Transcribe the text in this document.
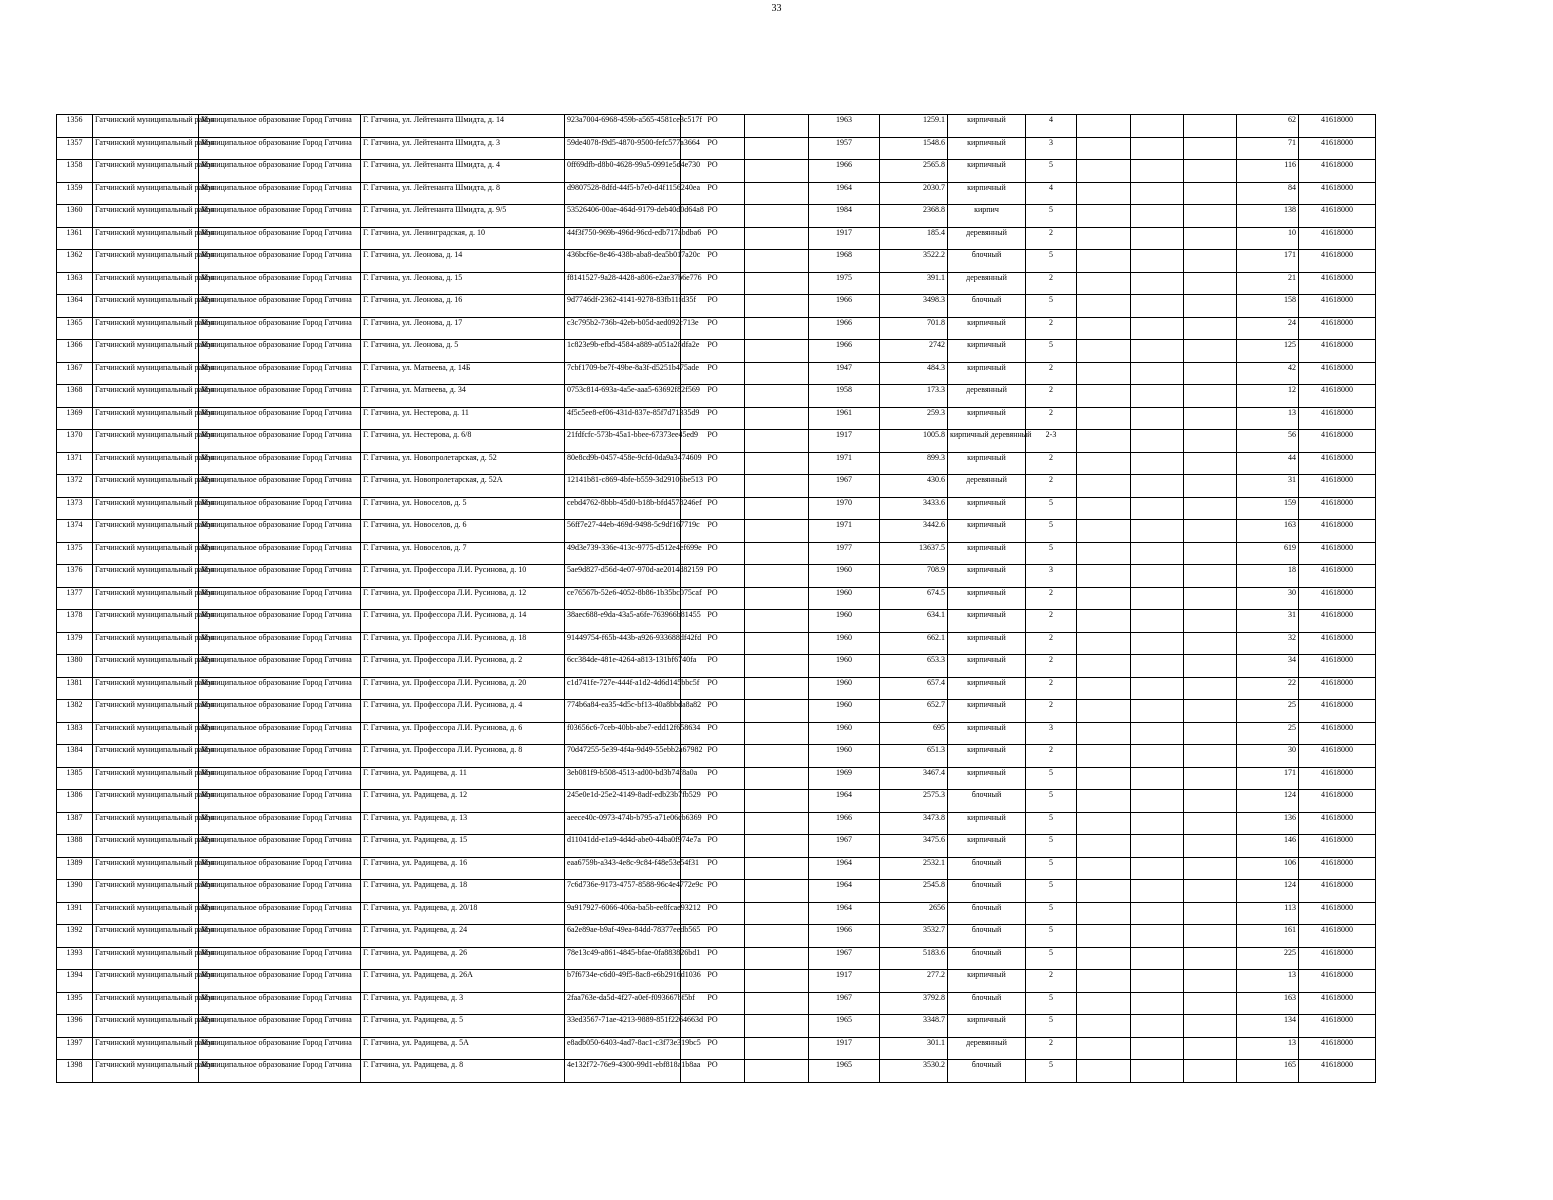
33
1356	Гатчинский муниципальный район	Муниципальное образование Город Гатчина	Г. Гатчина, ул. Лейтенанта Шмидта, д. 14	923a7004-6968-459b-a565-4581ce3c517f	РО		1963	1259.1	кирпичный	4				62	41618000
1357	Гатчинский муниципальный район	Муниципальное образование Город Гатчина	Г. Гатчина, ул. Лейтенанта Шмидта, д. 3	59de4078-f9d5-4870-9500-fefc577a3664	РО		1957	1548.6	кирпичный	3				71	41618000
1358	Гатчинский муниципальный район	Муниципальное образование Город Гатчина	Г. Гатчина, ул. Лейтенанта Шмидта, д. 4	0ff69dfb-d8b0-4628-99a5-0991e5d4e730	РО		1966	2565.8	кирпичный	5				116	41618000
1359	Гатчинский муниципальный район	Муниципальное образование Город Гатчина	Г. Гатчина, ул. Лейтенанта Шмидта, д. 8	d9807528-8dfd-44f5-b7e0-d4f1156240ea	РО		1964	2030.7	кирпичный	4				84	41618000
1360	Гатчинский муниципальный район	Муниципальное образование Город Гатчина	Г. Гатчина, ул. Лейтенанта Шмидта, д. 9/5	53526406-00ae-464d-9179-deb40d0d64a8	РО		1984	2368.8	кирпич	5				138	41618000
1361	Гатчинский муниципальный район	Муниципальное образование Город Гатчина	Г. Гатчина, ул. Ленинградская, д. 10	44f3f750-969b-496d-96cd-edb717abdba6	РО		1917	185.4	деревянный	2				10	41618000
1362	Гатчинский муниципальный район	Муниципальное образование Город Гатчина	Г. Гатчина, ул. Леонова, д. 14	436bcf6e-8e46-438b-aba8-dea5b017a20c	РО		1968	3522.2	блочный	5				171	41618000
1363	Гатчинский муниципальный район	Муниципальное образование Город Гатчина	Г. Гатчина, ул. Леонова, д. 15	f8141527-9a28-4428-a806-e2ae37b6e776	РО		1975	391.1	деревянный	2				21	41618000
1364	Гатчинский муниципальный район	Муниципальное образование Город Гатчина	Г. Гатчина, ул. Леонова, д. 16	9d7746df-2362-4141-9278-83fb11fd35f	РО		1966	3498.3	блочный	5				158	41618000
1365	Гатчинский муниципальный район	Муниципальное образование Город Гатчина	Г. Гатчина, ул. Леонова, д. 17	c3c795b2-736b-42eb-b05d-aed092c713e	РО		1966	701.8	кирпичный	2				24	41618000
1366	Гатчинский муниципальный район	Муниципальное образование Город Гатчина	Г. Гатчина, ул. Леонова, д. 5	1c823e9b-efbd-4584-a889-a051a28dfa2e	РО		1966	2742	кирпичный	5				125	41618000
1367	Гатчинский муниципальный район	Муниципальное образование Город Гатчина	Г. Гатчина, ул. Матвеева, д. 14Б	7cbf1709-be7f-49be-8a3f-d5251b475ade	РО		1947	484.3	кирпичный	2				42	41618000
1368	Гатчинский муниципальный район	Муниципальное образование Город Гатчина	Г. Гатчина, ул. Матвеева, д. 34	0753c814-693a-4a5e-aaa5-63692f82f569	РО		1958	173.3	деревянный	2				12	41618000
1369	Гатчинский муниципальный район	Муниципальное образование Город Гатчина	Г. Гатчина, ул. Нестерова, д. 11	4f5c5ee8-ef06-431d-837e-85f7d71335d9	РО		1961	259.3	кирпичный	2				13	41618000
1370	Гатчинский муниципальный район	Муниципальное образование Город Гатчина	Г. Гатчина, ул. Нестерова, д. 6/8	21fdfcfc-573b-45a1-bbee-67373ee45ed9	РО		1917	1005.8	кирпичный деревянный	2-3				56	41618000
1371	Гатчинский муниципальный район	Муниципальное образование Город Гатчина	Г. Гатчина, ул. Новопролетарская, д. 52	80e8cd9b-0457-458e-9cfd-0da9a3474609	РО		1971	899.3	кирпичный	2				44	41618000
1372	Гатчинский муниципальный район	Муниципальное образование Город Гатчина	Г. Гатчина, ул. Новопролетарская, д. 52А	12141b81-c869-4bfe-b559-3d29106be513	РО		1967	430.6	деревянный	2				31	41618000
1373	Гатчинский муниципальный район	Муниципальное образование Город Гатчина	Г. Гатчина, ул. Новоселов, д. 5	cebd4762-8bbb-45d0-b18b-bfd4578246ef	РО		1970	3433.6	кирпичный	5				159	41618000
1374	Гатчинский муниципальный район	Муниципальное образование Город Гатчина	Г. Гатчина, ул. Новоселов, д. 6	56ff7e27-44eb-469d-9498-5c9df167719c	РО		1971	3442.6	кирпичный	5				163	41618000
1375	Гатчинский муниципальный район	Муниципальное образование Город Гатчина	Г. Гатчина, ул. Новоселов, д. 7	49d3e739-336e-413c-9775-d512e4ef699e	РО		1977	13637.5	кирпичный	5				619	41618000
1376	Гатчинский муниципальный район	Муниципальное образование Город Гатчина	Г. Гатчина, ул. Профессора Л.И. Русинова, д. 10	5ae9d827-d56d-4e07-970d-ae2014d82159	РО		1960	708.9	кирпичный	3				18	41618000
1377	Гатчинский муниципальный район	Муниципальное образование Город Гатчина	Г. Гатчина, ул. Профессора Л.И. Русинова, д. 12	ce76567b-52e6-4052-8b86-1b35bc075caf	РО		1960	674.5	кирпичный	2				30	41618000
1378	Гатчинский муниципальный район	Муниципальное образование Город Гатчина	Г. Гатчина, ул. Профессора Л.И. Русинова, д. 14	38aec688-e9da-43a5-a6fe-763966b81455	РО		1960	634.1	кирпичный	2				31	41618000
1379	Гатчинский муниципальный район	Муниципальное образование Город Гатчина	Г. Гатчина, ул. Профессора Л.И. Русинова, д. 18	91449754-f65b-443b-a926-933688df42fd	РО		1960	662.1	кирпичный	2				32	41618000
1380	Гатчинский муниципальный район	Муниципальное образование Город Гатчина	Г. Гатчина, ул. Профессора Л.И. Русинова, д. 2	6cc384de-481e-4264-a813-131bf6740fa	РО		1960	653.3	кирпичный	2				34	41618000
1381	Гатчинский муниципальный район	Муниципальное образование Город Гатчина	Г. Гатчина, ул. Профессора Л.И. Русинова, д. 20	c1d741fe-727e-444f-a1d2-4d6d145bbc5f	РО		1960	657.4	кирпичный	2				22	41618000
1382	Гатчинский муниципальный район	Муниципальное образование Город Гатчина	Г. Гатчина, ул. Профессора Л.И. Русинова, д. 4	774b6a84-ea35-4d5c-bf13-40a8bbda8a82	РО		1960	652.7	кирпичный	2				25	41618000
1383	Гатчинский муниципальный район	Муниципальное образование Город Гатчина	Г. Гатчина, ул. Профессора Л.И. Русинова, д. 6	f03656c6-7ceb-40bb-abe7-edd12f658634	РО		1960	695	кирпичный	3				25	41618000
1384	Гатчинский муниципальный район	Муниципальное образование Город Гатчина	Г. Гатчина, ул. Профессора Л.И. Русинова, д. 8	70d47255-5e39-4f4a-9d49-55ebb2a67982	РО		1960	651.3	кирпичный	2				30	41618000
1385	Гатчинский муниципальный район	Муниципальное образование Город Гатчина	Г. Гатчина, ул. Радищева, д. 11	3eb081f9-b508-4513-ad00-bd3b74f8a0a	РО		1969	3467.4	кирпичный	5				171	41618000
1386	Гатчинский муниципальный район	Муниципальное образование Город Гатчина	Г. Гатчина, ул. Радищева, д. 12	245e0e1d-25e2-4149-8adf-edb23b7fb529	РО		1964	2575.3	блочный	5				124	41618000
1387	Гатчинский муниципальный район	Муниципальное образование Город Гатчина	Г. Гатчина, ул. Радищева, д. 13	aeece40c-0973-474b-b795-a71e06cb6369	РО		1966	3473.8	кирпичный	5				136	41618000
1388	Гатчинский муниципальный район	Муниципальное образование Город Гатчина	Г. Гатчина, ул. Радищева, д. 15	d11041dd-e1a9-4d4d-abe0-44ba0f974e7a	РО		1967	3475.6	кирпичный	5				146	41618000
1389	Гатчинский муниципальный район	Муниципальное образование Город Гатчина	Г. Гатчина, ул. Радищева, д. 16	eaa6759b-a343-4e8c-9c84-f48e53e54f31	РО		1964	2532.1	блочный	5				106	41618000
1390	Гатчинский муниципальный район	Муниципальное образование Город Гатчина	Г. Гатчина, ул. Радищева, д. 18	7c6d736e-9173-4757-8588-96c4e4772e9c	РО		1964	2545.8	блочный	5				124	41618000
1391	Гатчинский муниципальный район	Муниципальное образование Город Гатчина	Г. Гатчина, ул. Радищева, д. 20/18	9a917927-6066-406a-ba5b-ee8fcae93212	РО		1964	2656	блочный	5				113	41618000
1392	Гатчинский муниципальный район	Муниципальное образование Город Гатчина	Г. Гатчина, ул. Радищева, д. 24	6a2e89ae-b9af-49ea-84dd-78377eedb565	РО		1966	3532.7	блочный	5				161	41618000
1393	Гатчинский муниципальный район	Муниципальное образование Город Гатчина	Г. Гатчина, ул. Радищева, д. 26	78e13c49-a861-4845-bfae-0fa883826bd1	РО		1967	5183.6	блочный	5				225	41618000
1394	Гатчинский муниципальный район	Муниципальное образование Город Гатчина	Г. Гатчина, ул. Радищева, д. 26А	b7f6734e-c6d0-49f5-8ac8-e6b2916d1036	РО		1917	277.2	кирпичный	2				13	41618000
1395	Гатчинский муниципальный район	Муниципальное образование Город Гатчина	Г. Гатчина, ул. Радищева, д. 3	2faa763e-da5d-4f27-a0ef-f093667bf5bf	РО		1967	3792.8	блочный	5				163	41618000
1396	Гатчинский муниципальный район	Муниципальное образование Город Гатчина	Г. Гатчина, ул. Радищева, д. 5	33ed3567-71ae-4213-9889-851f2264663d	РО		1965	3348.7	кирпичный	5				134	41618000
1397	Гатчинский муниципальный район	Муниципальное образование Город Гатчина	Г. Гатчина, ул. Радищева, д. 5А	e8adb050-6403-4ad7-8ac1-c3f73e319bc5	РО		1917	301.1	деревянный	2				13	41618000
1398	Гатчинский муниципальный район	Муниципальное образование Город Гатчина	Г. Гатчина, ул. Радищева, д. 8	4e132f72-76e9-4300-99d1-ebf818a1b8aa	РО		1965	3530.2	блочный	5				165	41618000
